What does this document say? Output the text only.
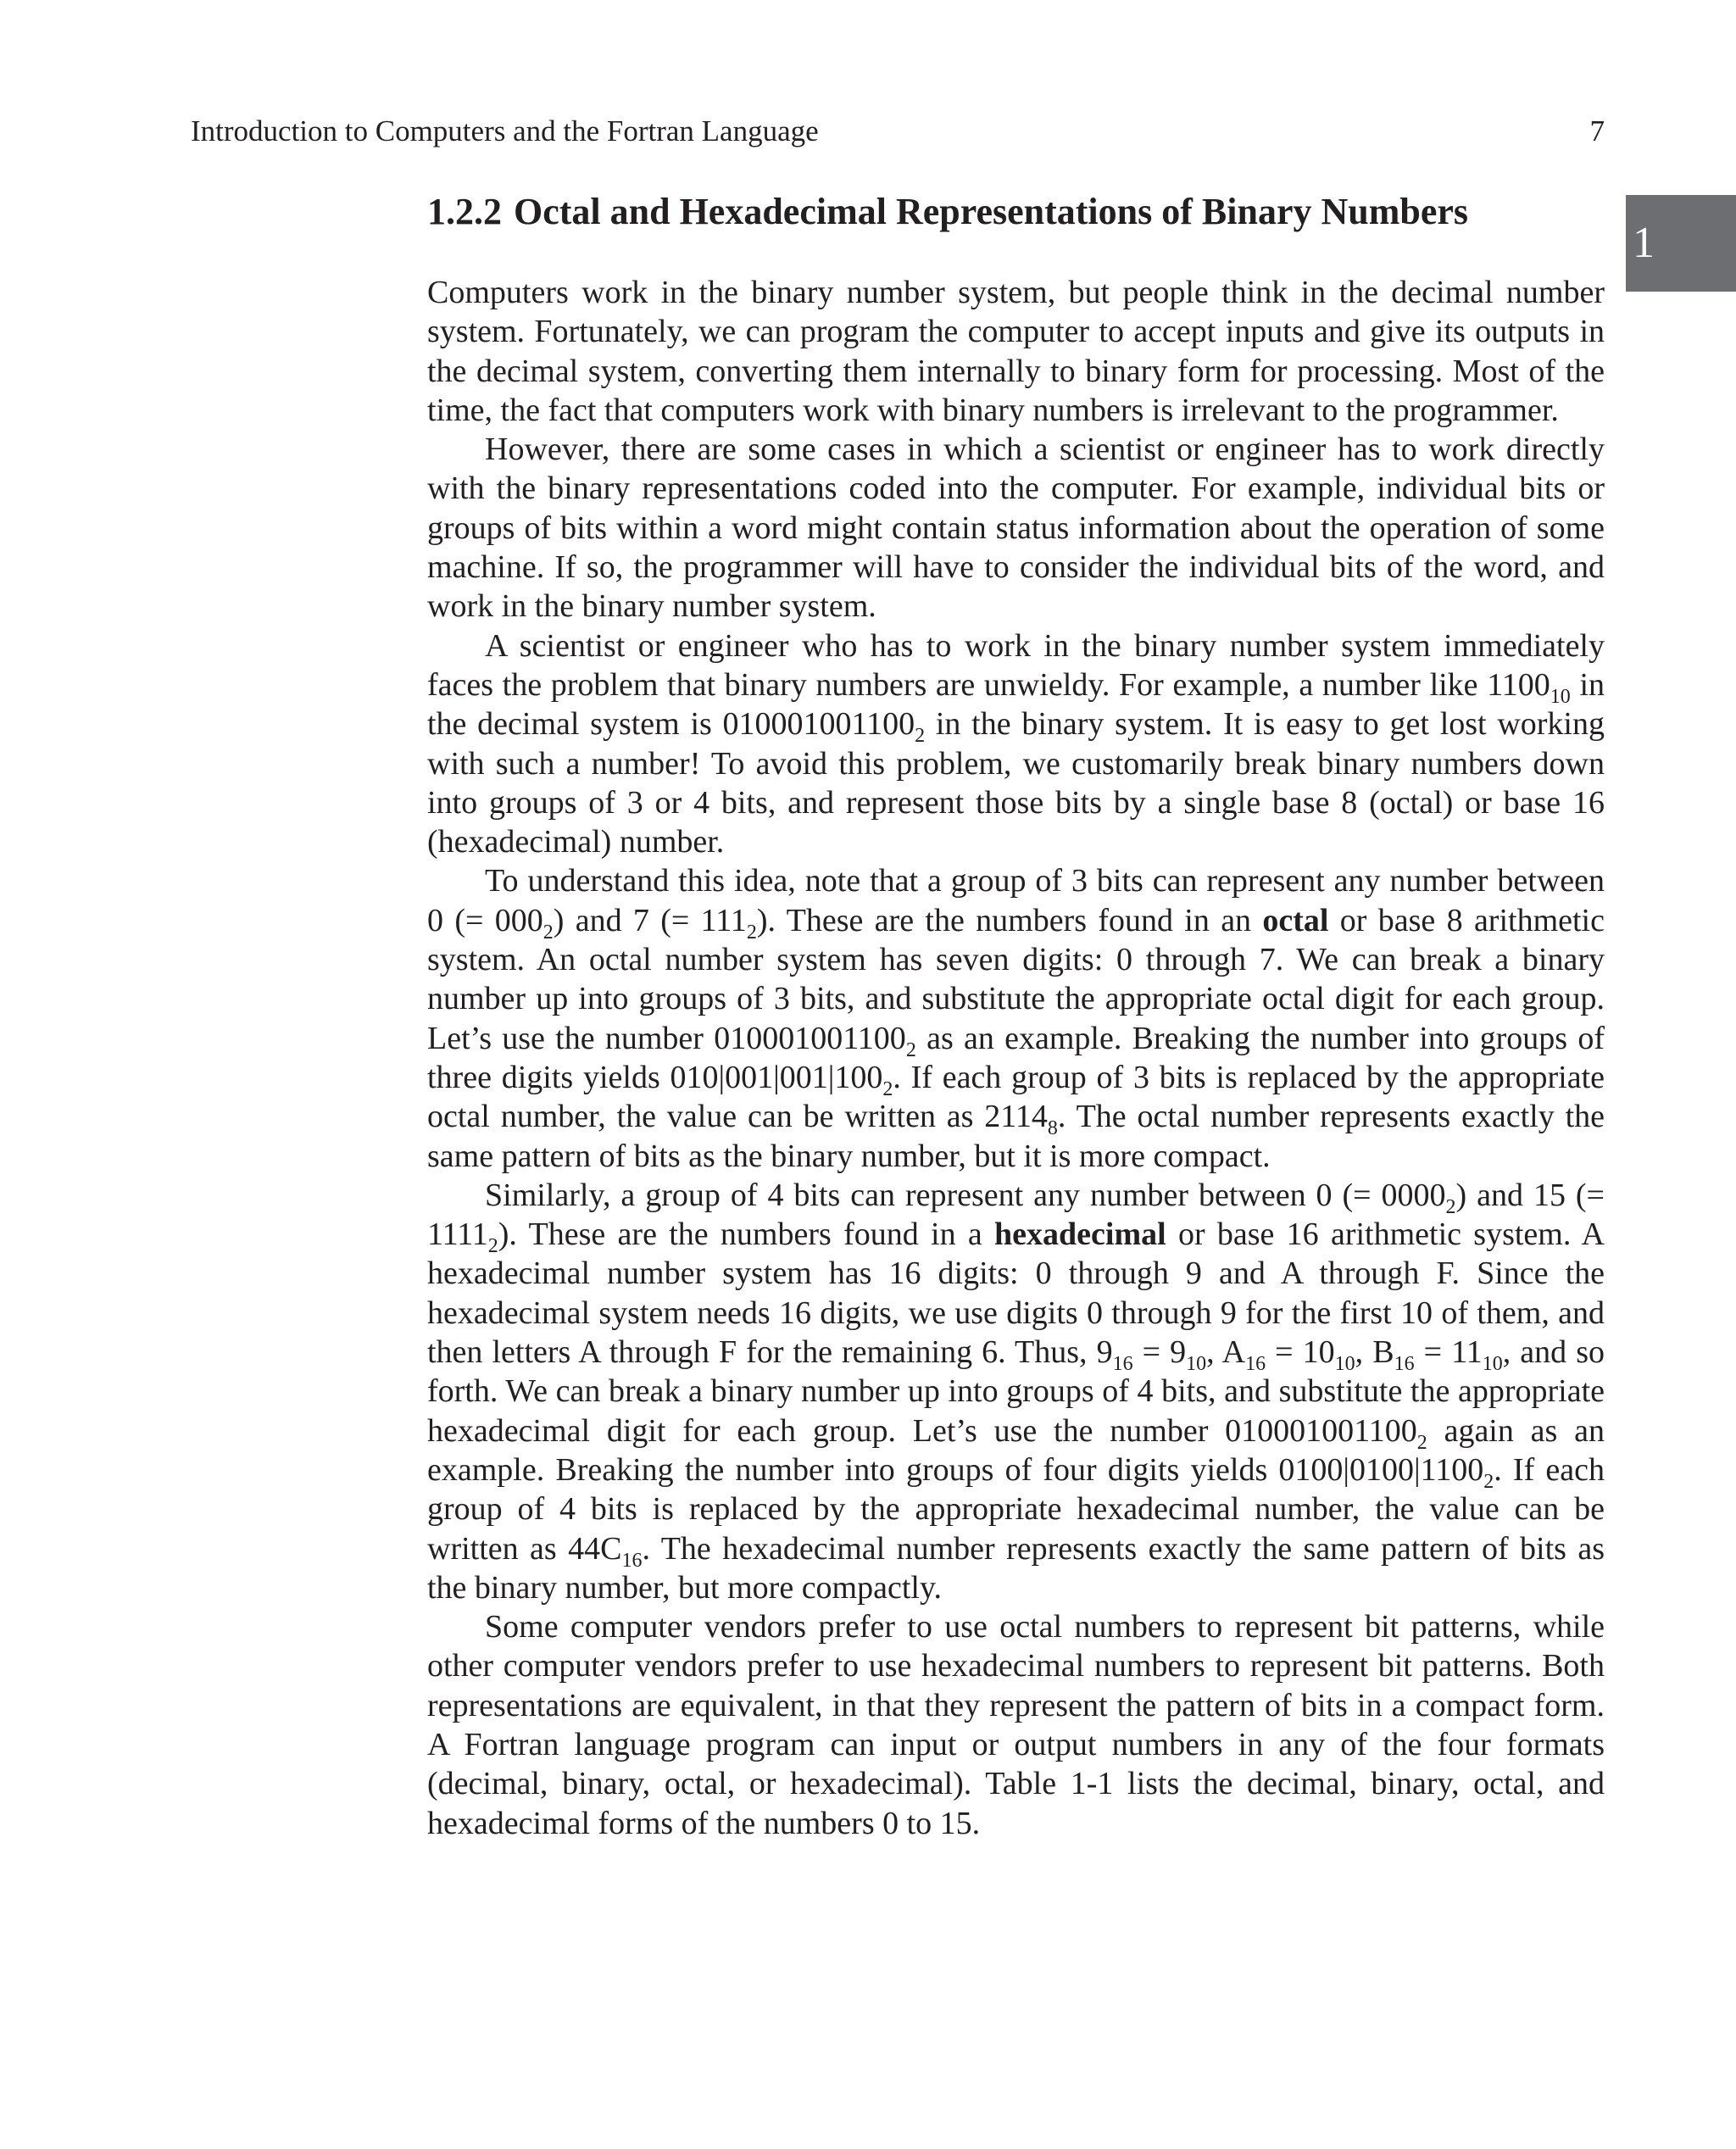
Introduction to Computers and the Fortran Language	7
1
1.2.2 Octal and Hexadecimal Representations of Binary Numbers

Computers work in the binary number system, but people think in the decimal number system. Fortunately, we can program the computer to accept inputs and give its outputs in the decimal system, converting them internally to binary form for processing. Most of the time, the fact that computers work with binary numbers is irrelevant to the programmer.

However, there are some cases in which a scientist or engineer has to work directly with the binary representations coded into the computer. For example, individual bits or groups of bits within a word might contain status information about the operation of some machine. If so, the programmer will have to consider the individual bits of the word, and work in the binary number system.

A scientist or engineer who has to work in the binary number system immediately faces the problem that binary numbers are unwieldy. For example, a number like $1100_{10}$ in the decimal system is $010001001100_2$ in the binary system. It is easy to get lost working with such a number! To avoid this problem, we customarily break binary numbers down into groups of 3 or 4 bits, and represent those bits by a single base 8 (octal) or base 16 (hexadecimal) number.

To understand this idea, note that a group of 3 bits can represent any number between 0 (= $000_2$) and 7 (= $111_2$). These are the numbers found in an octal or base 8 arithmetic system. An octal number system has seven digits: 0 through 7. We can break a binary number up into groups of 3 bits, and substitute the appropriate octal digit for each group. Let’s use the number $010001001100_2$ as an example. Breaking the number into groups of three digits yields $010|001|001|100_2$. If each group of 3 bits is replaced by the appropriate octal number, the value can be written as $2114_8$. The octal number represents exactly the same pattern of bits as the binary number, but it is more compact.

Similarly, a group of 4 bits can represent any number between 0 (= $0000_2$) and 15 (= $1111_2$). These are the numbers found in a hexadecimal or base 16 arithmetic system. A hexadecimal number system has 16 digits: 0 through 9 and A through F. Since the hexadecimal system needs 16 digits, we use digits 0 through 9 for the first 10 of them, and then letters A through F for the remaining 6. Thus, $9_{16} = 9_{10}$, $A_{16} = 10_{10}$, $B_{16} = 11_{10}$, and so forth. We can break a binary number up into groups of 4 bits, and substitute the appropriate hexadecimal digit for each group. Let’s use the number $010001001100_2$ again as an example. Breaking the number into groups of four digits yields $0100|0100|1100_2$. If each group of 4 bits is replaced by the appropriate hexadecimal number, the value can be written as $44C_{16}$. The hexadecimal number represents exactly the same pattern of bits as the binary number, but more compactly.

Some computer vendors prefer to use octal numbers to represent bit patterns, while other computer vendors prefer to use hexadecimal numbers to represent bit patterns. Both representations are equivalent, in that they represent the pattern of bits in a compact form. A Fortran language program can input or output numbers in any of the four formats (decimal, binary, octal, or hexadecimal). Table 1-1 lists the decimal, binary, octal, and hexadecimal forms of the numbers 0 to 15.
